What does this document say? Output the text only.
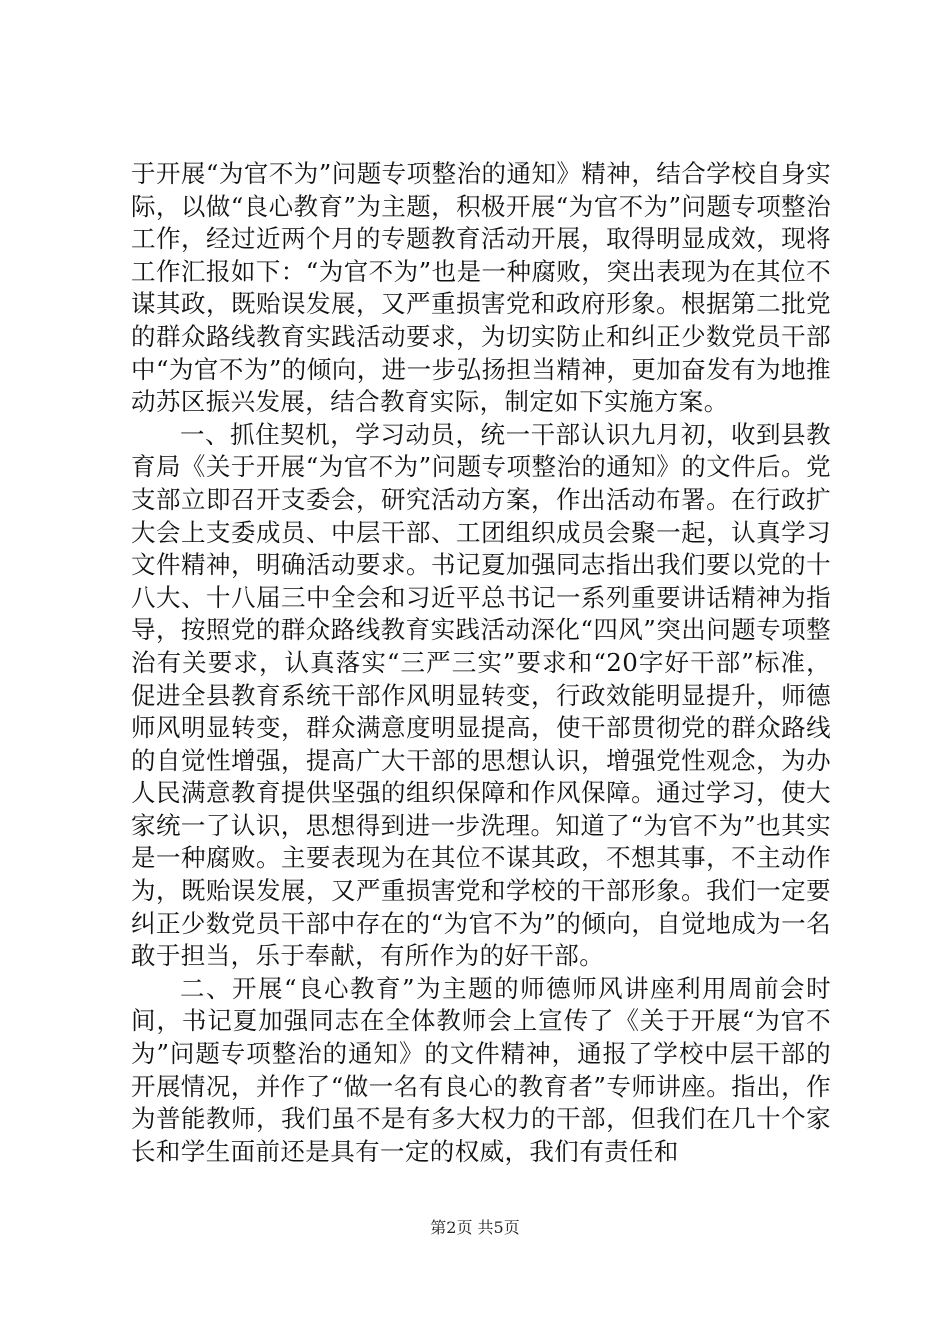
于开展“为官不为”问题专项整治的通知》精神，结合学校自身实际，以做“良心教育”为主题，积极开展“为官不为”问题专项整治工作，经过近两个月的专题教育活动开展，取得明显成效，现将工作汇报如下：“为官不为”也是一种腐败，突出表现为在其位不谋其政，既贻误发展，又严重损害党和政府形象。根据第二批党的群众路线教育实践活动要求，为切实防止和纠正少数党员干部中“为官不为”的倾向，进一步弘扬担当精神，更加奋发有为地推动苏区振兴发展，结合教育实际，制定如下实施方案。

一、抓住契机，学习动员，统一干部认识九月初，收到县教育局《关于开展“为官不为”问题专项整治的通知》的文件后。党支部立即召开支委会，研究活动方案，作出活动布署。在行政扩大会上支委成员、中层干部、工团组织成员会聚一起，认真学习文件精神，明确活动要求。书记夏加强同志指出我们要以党的十八大、十八届三中全会和习近平总书记一系列重要讲话精神为指导，按照党的群众路线教育实践活动深化“四风”突出问题专项整治有关要求，认真落实“三严三实”要求和“20字好干部”标准，促进全县教育系统干部作风明显转变，行政效能明显提升，师德师风明显转变，群众满意度明显提高，使干部贯彻党的群众路线的自觉性增强，提高广大干部的思想认识，增强党性观念，为办人民满意教育提供坚强的组织保障和作风保障。通过学习，使大家统一了认识，思想得到进一步洗理。知道了“为官不为”也其实是一种腐败。主要表现为在其位不谋其政，不想其事，不主动作为，既贻误发展，又严重损害党和学校的干部形象。我们一定要纠正少数党员干部中存在的“为官不为”的倾向，自觉地成为一名敢于担当，乐于奉献，有所作为的好干部。

二、开展“良心教育”为主题的师德师风讲座利用周前会时间，书记夏加强同志在全体教师会上宣传了《关于开展“为官不为”问题专项整治的通知》的文件精神，通报了学校中层干部的开展情况，并作了“做一名有良心的教育者”专师讲座。指出，作为普能教师，我们虽不是有多大权力的干部，但我们在几十个家长和学生面前还是具有一定的权威，我们有责任和

第2页 共5页
